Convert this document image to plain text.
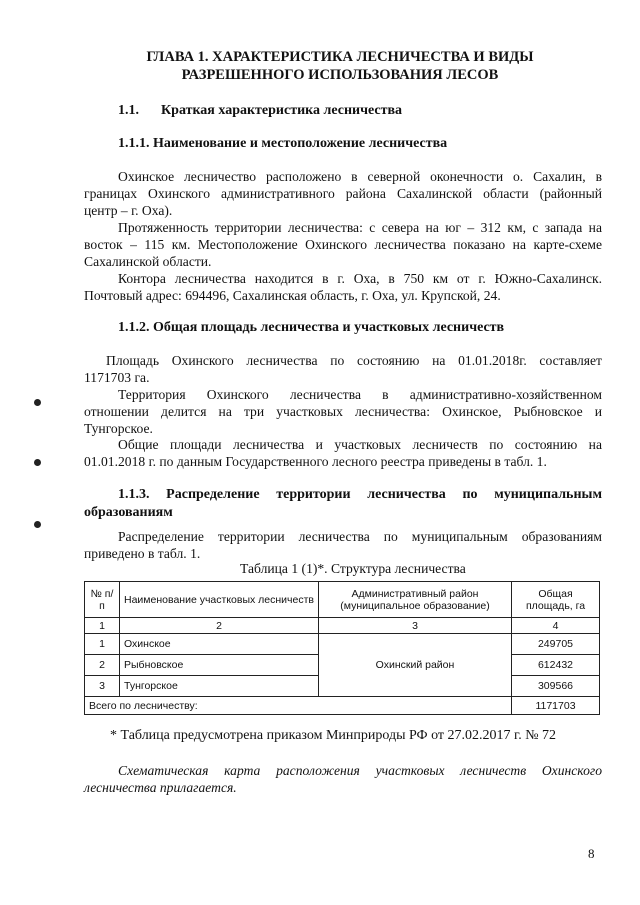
ГЛАВА 1. ХАРАКТЕРИСТИКА ЛЕСНИЧЕСТВА И ВИДЫ
РАЗРЕШЕННОГО ИСПОЛЬЗОВАНИЯ ЛЕСОВ
1.1. Краткая характеристика лесничества
1.1.1. Наименование и местоположение лесничества
Охинское лесничество расположено в северной оконечности о. Сахалин, в
границах Охинского административного района Сахалинской области (районный
центр – г. Оха).
Протяженность территории лесничества: с севера на юг – 312 км, с запада на
восток – 115 км. Местоположение Охинского лесничества показано на карте-схеме
Сахалинской области.
Контора лесничества находится в г. Оха, в 750 км от г. Южно-Сахалинск.
Почтовый адрес: 694496, Сахалинская область, г. Оха, ул. Крупской, 24.
1.1.2. Общая площадь лесничества и участковых лесничеств
Площадь Охинского лесничества по состоянию на 01.01.2018г. составляет
1171703 га.
Территория Охинского лесничества в административно-хозяйственном
отношении делится на три участковых лесничества: Охинское, Рыбновское и
Тунгорское.
Общие площади лесничества и участковых лесничеств по состоянию на
01.01.2018 г. по данным Государственного лесного реестра приведены в табл. 1.
1.1.3. Распределение территории лесничества по муниципальным
образованиям
Распределение территории лесничества по муниципальным образованиям
приведено в табл. 1.
Таблица 1 (1)*. Структура лесничества
№ п/п	Наименование участковых лесничеств	Административный район (муниципальное образование)	Общая площадь, га
1	2	3	4
1	Охинское	Охинский район	249705
2	Рыбновское		612432
3	Тунгорское		309566
Всего по лесничеству:			1171703
* Таблица предусмотрена приказом Минприроды РФ от 27.02.2017 г. № 72
Схематическая карта расположения участковых лесничеств Охинского
лесничества прилагается.
8
